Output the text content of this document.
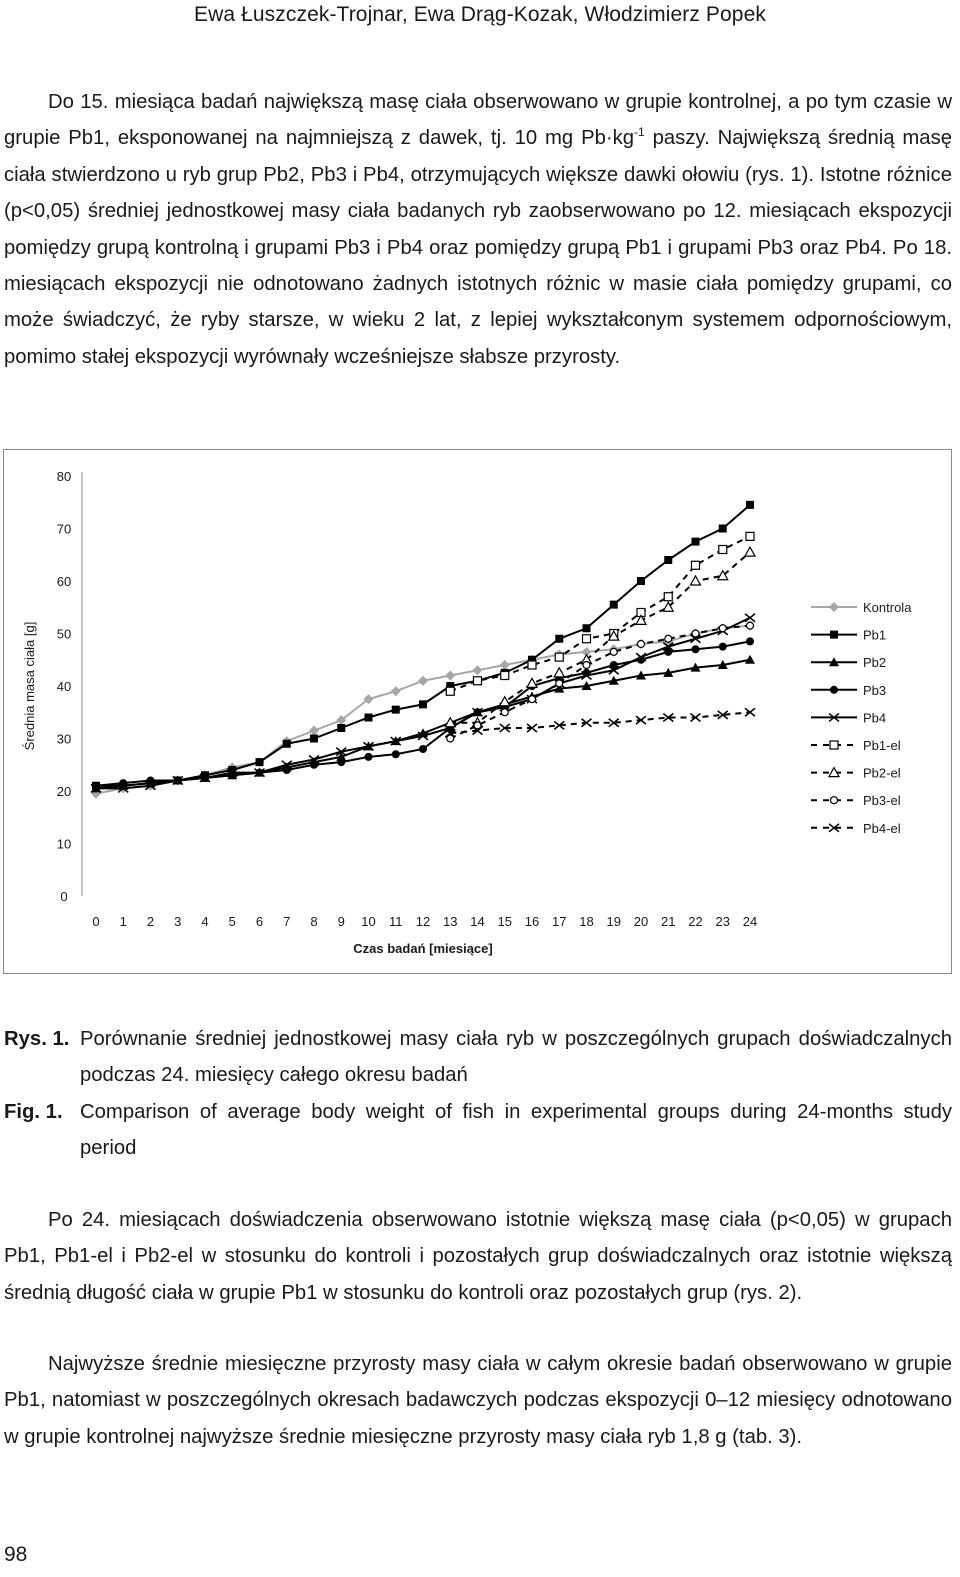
Ewa Łuszczek-Trojnar, Ewa Drąg-Kozak, Włodzimierz Popek

Do 15. miesiąca badań największą masę ciała obserwowano w grupie kontrolnej, a po tym czasie w grupie Pb1, eksponowanej na najmniejszą z dawek, tj. 10 mg $Pb\cdot kg^{-1}$ paszy. Największą średnią masę ciała stwierdzono u ryb grup Pb2, Pb3 i Pb4, otrzymujących większe dawki ołowiu (rys. 1). Istotne różnice (p<0,05) średniej jednostkowej masy ciała badanych ryb zaobserwowano po 12. miesiącach ekspozycji pomiędzy grupą kontrolną i grupami Pb3 i Pb4 oraz pomiędzy grupą Pb1 i grupami Pb3 oraz Pb4. Po 18. miesiącach ekspozycji nie odnotowano żadnych istotnych różnic w masie ciała pomiędzy grupami, co może świadczyć, że ryby starsze, w wieku 2 lat, z lepiej wykształconym systemem odpornościowym, pomimo stałej ekspozycji wyrównały wcześniejsze słabsze przyrosty.

0
10
20
30
40
50
60
70
80
0 1 2 3 4 5 6 7 8 9 10 11 12 13 14 15 16 17 18 19 20 21 22 23 24
Czas badań [miesiące]
Średnia masa ciała [g]
Kontrola
Pb1
Pb2
Pb3
Pb4
Pb1-el
Pb2-el
Pb3-el
Pb4-el
Rys. 1. Porównanie średniej jednostkowej masy ciała ryb w poszczególnych grupach doświadczalnych podczas 24. miesięcy całego okresu badań
Fig. 1. Comparison of average body weight of fish in experimental groups during 24-months study period

Po 24. miesiącach doświadczenia obserwowano istotnie większą masę ciała (p<0,05) w grupach Pb1, Pb1-el i Pb2-el w stosunku do kontroli i pozostałych grup doświadczalnych oraz istotnie większą średnią długość ciała w grupie Pb1 w stosunku do kontroli oraz pozostałych grup (rys. 2).

Najwyższe średnie miesięczne przyrosty masy ciała w całym okresie badań obserwowano w grupie Pb1, natomiast w poszczególnych okresach badawczych podczas ekspozycji 0–12 miesięcy odnotowano w grupie kontrolnej najwyższe średnie miesięczne przyrosty masy ciała ryb 1,8 g (tab. 3).

98
